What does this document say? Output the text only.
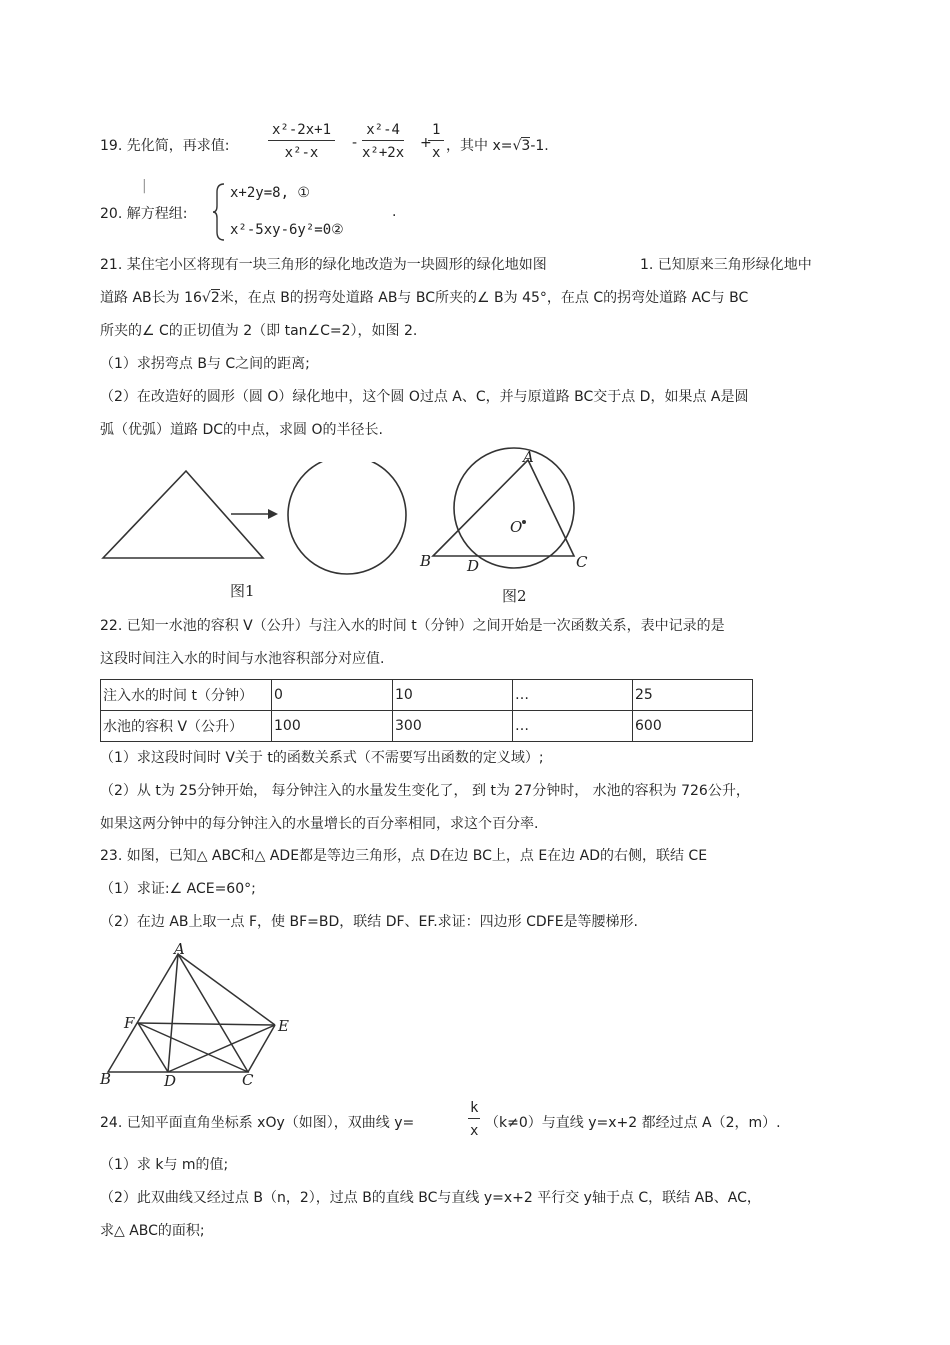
19. 先化简，再求值:	$\frac{\text{x²-2x+1}}{\text{x²-x}} - \frac{\text{x²-4}}{\text{x²+2x}}$ +
$\frac{1}{x}$ ，其中 x=√3-1.
|
20. 解方程组:
x+2y=8, ①
x²-5xy-6y²=0②
.
21. 某住宅小区将现有一块三角形的绿化地改造为一块圆形的绿化地如图	1. 已知原来三角形绿化地中
道路 AB长为 16√2米，在点 B的拐弯处道路 AB与 BC所夹的∠ B为 45°，在点 C的拐弯处道路 AC与 BC
所夹的∠ C的正切值为 2（即 tan∠C=2），如图 2.
（1）求拐弯点 B与 C之间的距离;
（2）在改造好的圆形（圆 O）绿化地中，这个圆 O过点 A、C，并与原道路 BC交于点 D，如果点 A是圆
弧（优弧）道路 DC的中点，求圆 O的半径长.
图1
A
O
B D	C
图2
22. 已知一水池的容积 V（公升）与注入水的时间 t（分钟）之间开始是一次函数关系，表中记录的是
这段时间注入水的时间与水池容积部分对应值.
注入水的时间 t（分钟）	0	10	…	25
水池的容积 V（公升）	100	300	…	600
（1）求这段时间时 V关于 t的函数关系式（不需要写出函数的定义域）;
（2）从 t为 25分钟开始， 每分钟注入的水量发生变化了， 到 t为 27分钟时， 水池的容积为 726公升，
如果这两分钟中的每分钟注入的水量增长的百分率相同，求这个百分率.
23. 如图，已知△ ABC和△ ADE都是等边三角形，点 D在边 BC上，点 E在边 AD的右侧，联结 CE
（1）求证:∠ ACE=60°;
（2）在边 AB上取一点 F，使 BF=BD，联结 DF、EF.求证：四边形 CDFE是等腰梯形.
A
F	E
B	D	C
24. 已知平面直角坐标系 xOy（如图），双曲线 y=	$\frac{k}{x} (k\ne 0)$与直线 y=x+2 都经过点 A（2，m）.
（1）求 k与 m的值;
（2）此双曲线又经过点 B（n，2），过点 B的直线 BC与直线 y=x+2 平行交 y轴于点 C，联结 AB、AC，
求△ ABC的面积;
